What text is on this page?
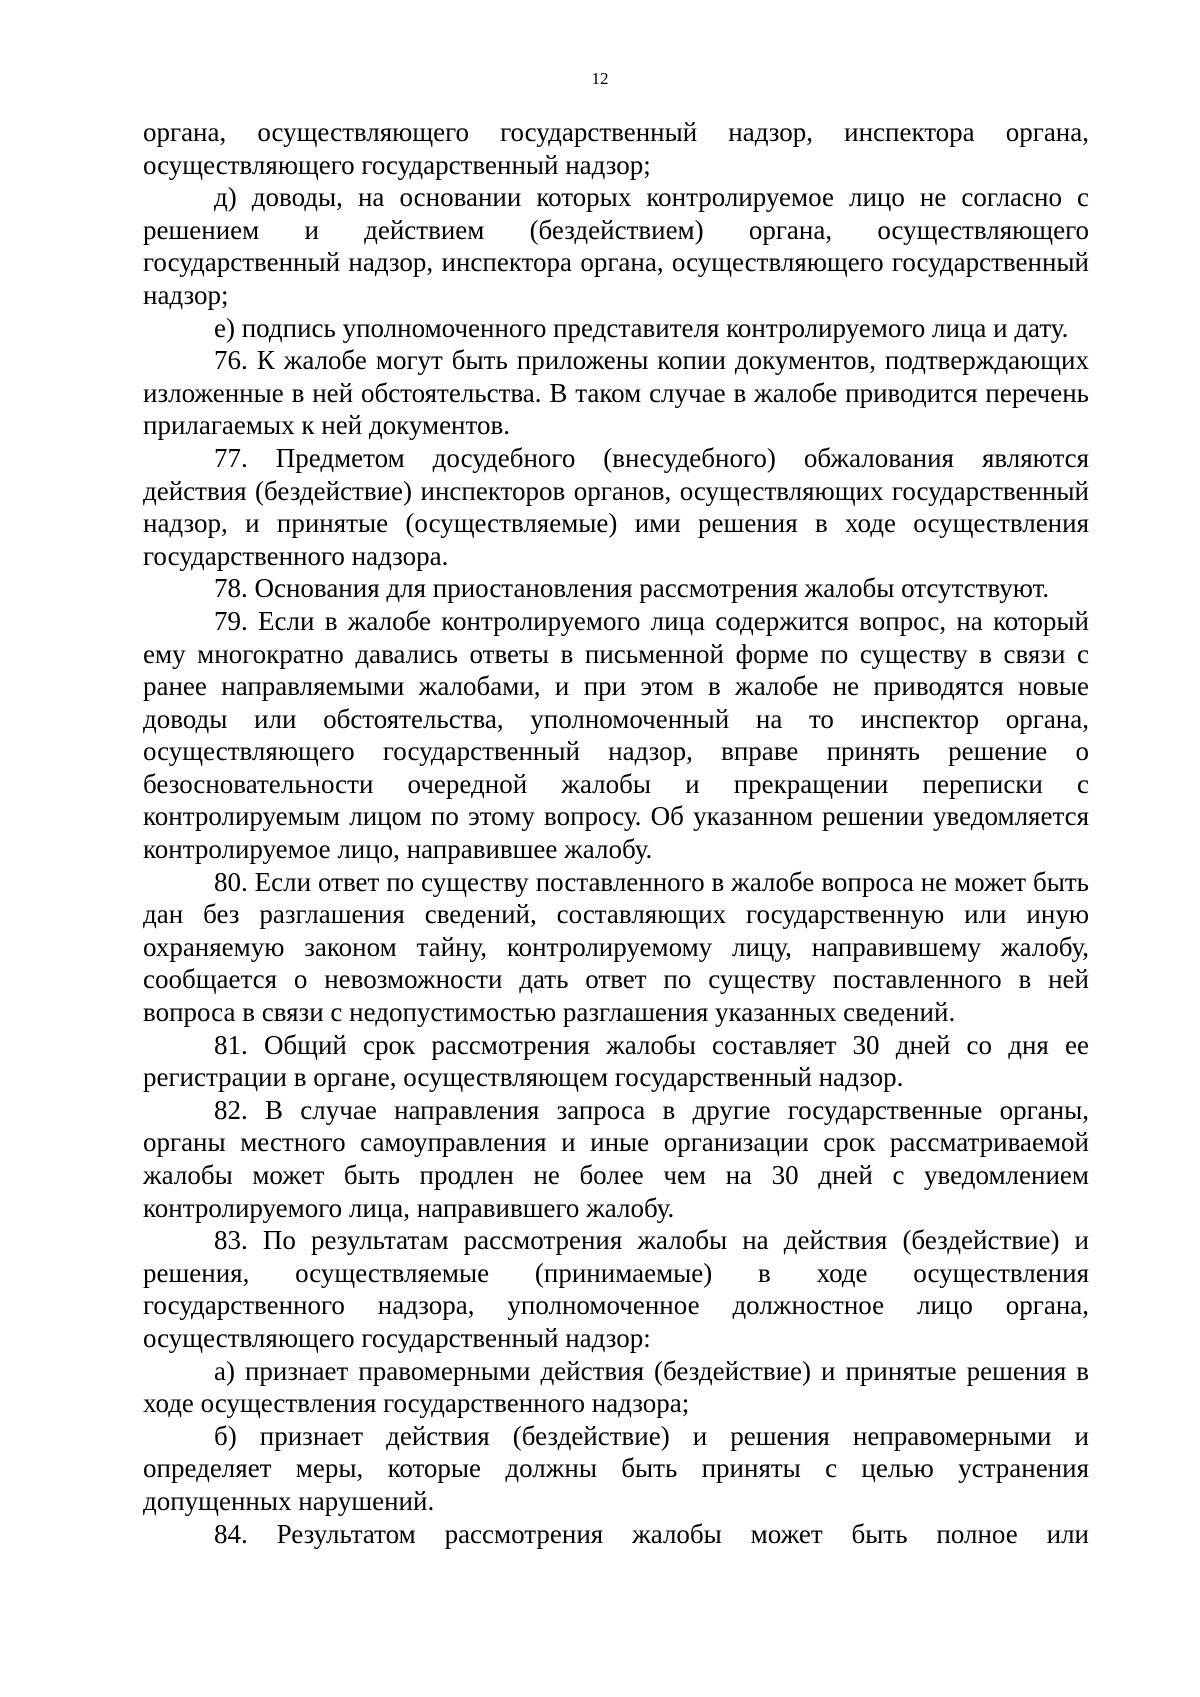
12

органа, осуществляющего государственный надзор, инспектора органа, осуществляющего государственный надзор;

д) доводы, на основании которых контролируемое лицо не согласно с решением и действием (бездействием) органа, осуществляющего государственный надзор, инспектора органа, осуществляющего государственный надзор;

е) подпись уполномоченного представителя контролируемого лица и дату.

76. К жалобе могут быть приложены копии документов, подтверждающих изложенные в ней обстоятельства. В таком случае в жалобе приводится перечень прилагаемых к ней документов.

77. Предметом досудебного (внесудебного) обжалования являются действия (бездействие) инспекторов органов, осуществляющих государственный надзор, и принятые (осуществляемые) ими решения в ходе осуществления государственного надзора.

78. Основания для приостановления рассмотрения жалобы отсутствуют.

79. Если в жалобе контролируемого лица содержится вопрос, на который ему многократно давались ответы в письменной форме по существу в связи с ранее направляемыми жалобами, и при этом в жалобе не приводятся новые доводы или обстоятельства, уполномоченный на то инспектор органа, осуществляющего государственный надзор, вправе принять решение о безосновательности очередной жалобы и прекращении переписки с контролируемым лицом по этому вопросу. Об указанном решении уведомляется контролируемое лицо, направившее жалобу.

80. Если ответ по существу поставленного в жалобе вопроса не может быть дан без разглашения сведений, составляющих государственную или иную охраняемую законом тайну, контролируемому лицу, направившему жалобу, сообщается о невозможности дать ответ по существу поставленного в ней вопроса в связи с недопустимостью разглашения указанных сведений.

81. Общий срок рассмотрения жалобы составляет 30 дней со дня ее регистрации в органе, осуществляющем государственный надзор.

82. В случае направления запроса в другие государственные органы, органы местного самоуправления и иные организации срок рассматриваемой жалобы может быть продлен не более чем на 30 дней с уведомлением контролируемого лица, направившего жалобу.

83. По результатам рассмотрения жалобы на действия (бездействие) и решения, осуществляемые (принимаемые) в ходе осуществления государственного надзора, уполномоченное должностное лицо органа, осуществляющего государственный надзор:

а) признает правомерными действия (бездействие) и принятые решения в ходе осуществления государственного надзора;

б) признает действия (бездействие) и решения неправомерными и определяет меры, которые должны быть приняты с целью устранения допущенных нарушений.

84. Результатом рассмотрения жалобы может быть полное или
